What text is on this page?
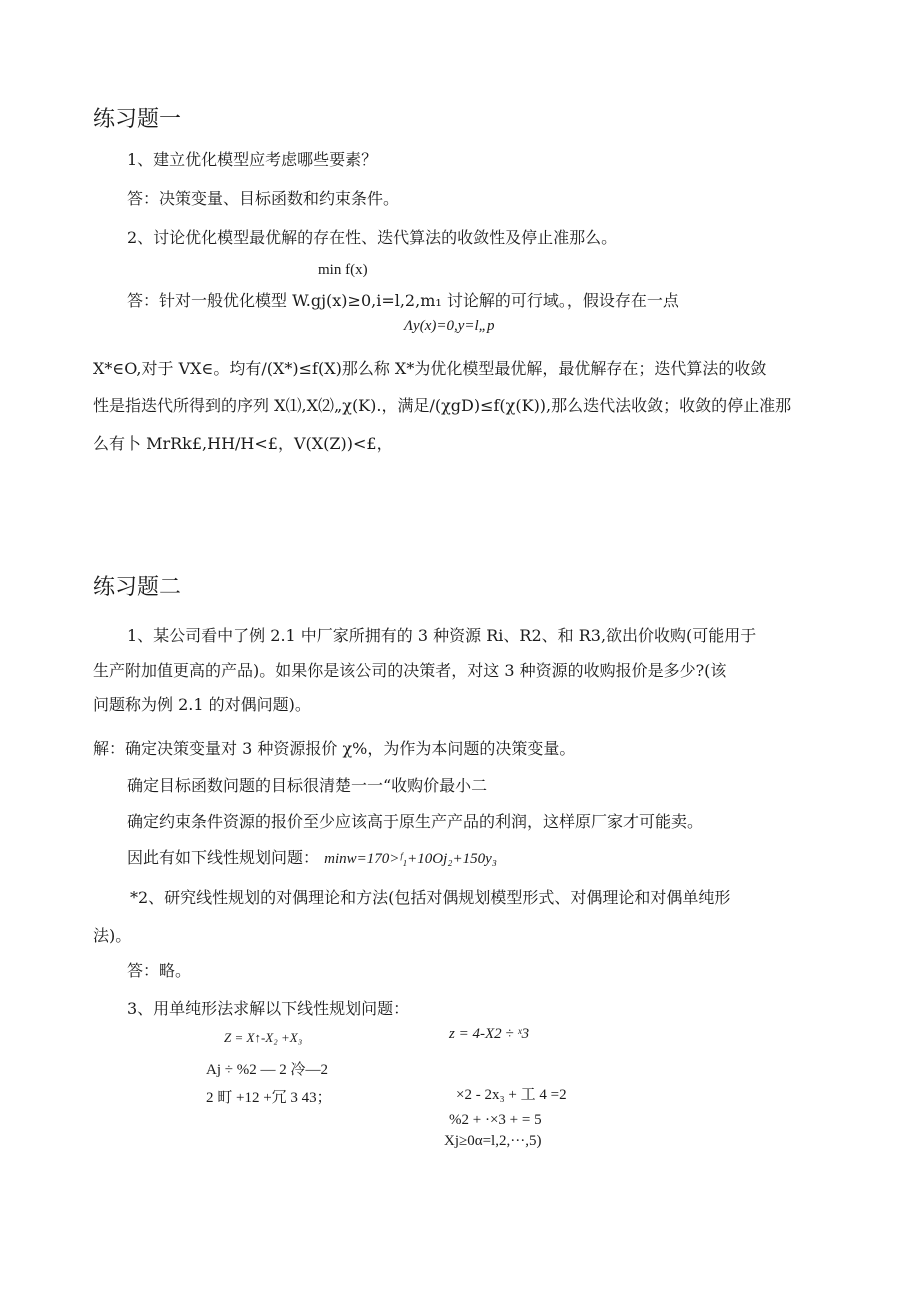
练习题一
1、建立优化模型应考虑哪些要素？
答：决策变量、目标函数和约束条件。
2、讨论优化模型最优解的存在性、迭代算法的收敛性及停止准那么。
min f(x)
答：针对一般优化模型 W.gj(x)≥0,i=l,2,m₁ 讨论解的可行域。，假设存在一点
Λy(x)=0,y=l„p
X*∈O,对于 VX∈。均有/(X*)≤f(X)那么称 X*为优化模型最优解，最优解存在；迭代算法的收敛
性是指迭代所得到的序列 X⑴,X⑵„χ(K).，满足/(χgD)≤f(χ(K)),那么迭代法收敛；收敛的停止准那
么有卜 MrRk£,HH/H<£，V(X(Z))<£，
练习题二
1、某公司看中了例 2.1 中厂家所拥有的 3 种资源 Ri、R2、和 R3,欲出价收购(可能用于
生产附加值更高的产品)。如果你是该公司的决策者，对这 3 种资源的收购报价是多少?(该
问题称为例 2.1 的对偶问题)。
解：确定决策变量对 3 种资源报价 χ%，为作为本问题的决策变量。
确定目标函数问题的目标很清楚一一“收购价最小二
确定约束条件资源的报价至少应该高于原生产产品的利润，这样原厂家才可能卖。
因此有如下线性规划问题： minw=170>ᶠ₁+10Oj₂+150y₃
*2、研究线性规划的对偶理论和方法(包括对偶规划模型形式、对偶理论和对偶单纯形
法)。
答：略。
3、用单纯形法求解以下线性规划问题：
Z = X↑-X₂ +X₃
Aj ÷ %2 — 2 冷—2
2 町 +12 +冗 3 43；
z = 4-X2 ÷ ˣ3
×2 - 2x₃ + 工 4 =2
%2 + ·×3 + = 5
Xj≥0α=l,2,···,5)
